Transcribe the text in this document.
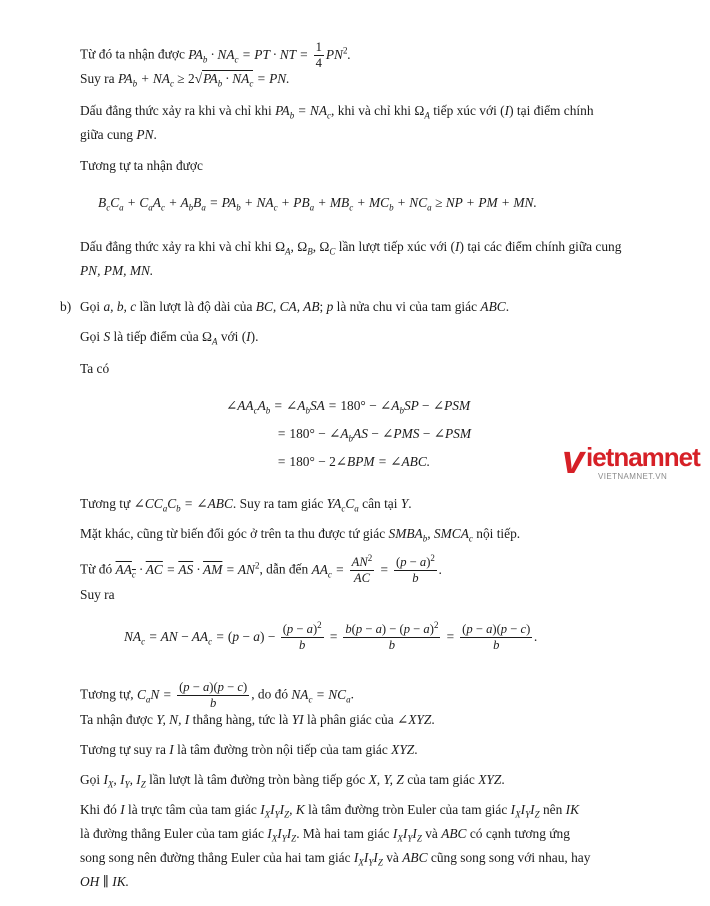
Từ đó ta nhận được $PA_b \cdot NA_c$ = PT · NT = $\frac{1}{4} PN^2$.
Suy ra $PA_b + NA_c \ge 2√PA_b \cdot NA_c$ = PN.
Dấu đẳng thức xảy ra khi và chỉ khi $PA_b = NA_c$, khi và chỉ khi $\Omega_A$ tiếp xúc với (I) tại điểm chính
giữa cung PN.
Tương tự ta nhận được
$B_cC_a + C_aA_c + A_bB_a = PA_b + NA_c + PB_a + MB_c + MC_b + NC_a$ ≥ NP + PM + MN.
Dấu đẳng thức xảy ra khi và chỉ khi $\Omega_A$, $\Omega_B$, $\Omega_C$ lần lượt tiếp xúc với (I) tại các điểm chính giữa cung
PN, PM, MN.
b) Gọi a, b, c lần lượt là độ dài của BC, CA, AB; p là nửa chu vi của tam giác ABC.
Gọi S là tiếp điểm của $\Omega_A$ với (I).
Ta có
$\angle AA_cA_b$ = $\angle A_bSA = 180^\circ$ − $\angle A_bSP$ − ∠PSM
= $180^\circ - \angle A_bAS$ − ∠PMS − ∠PSM
= 180° − 2∠BPM = ∠ABC.	v ietnamnet
VIETNAMNET.VN
Tương tự $\angle CC_aC_b$ = ∠ABC. Suy ra tam giác $YA_cC_a$ cân tại Y.
Mặt khác, cũng từ biến đổi góc ở trên ta thu được tứ giác $SMBA_b$, $SMCA_c$ nội tiếp.
Từ đó $AA_c \cdot \overline{AC} = \overline{AS} \cdot \overline{AM} = AN^2$, dẫn đến $AA_c = \frac{AN^2}{AC} = \frac{(p - a)^2}{b}$ .
Suy ra
$NA_c$ = AN − $AA_c = (p - a) - \frac{(p - a)^2}{b} = \frac{b(p - a) - (p - a)^2}{b} = \frac{(p - a)(p - c)}{b}$ .
Tương tự, $C_aN = \frac{(p - a)(p - c)}{b}$ , do đó $NA_c = NC_a$.
Ta nhận được Y, N, I thẳng hàng, tức là YI là phân giác của ∠XYZ.
Tương tự suy ra I là tâm đường tròn nội tiếp của tam giác XYZ.
Gọi $I_X$, $I_Y$, $I_Z$ lần lượt là tâm đường tròn bàng tiếp góc X, Y, Z của tam giác XYZ.
Khi đó I là trực tâm của tam giác $I_XI_YI_Z$, K là tâm đường tròn Euler của tam giác $I_XI_YI_Z$ nên IK
là đường thẳng Euler của tam giác $I_XI_YI_Z$. Mà hai tam giác $I_XI_YI_Z$ và ABC có cạnh tương ứng
song song nên đường thẳng Euler của hai tam giác $I_XI_YI_Z$ và ABC cũng song song với nhau, hay
OH ∥ IK.
